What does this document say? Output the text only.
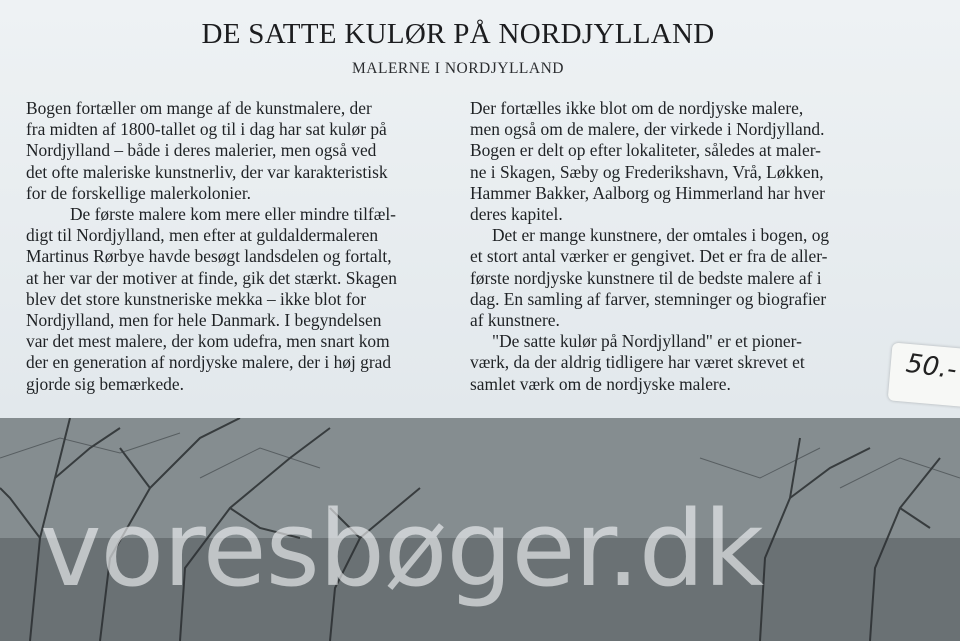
DE SATTE KULØR PÅ NORDJYLLAND
MALERNE I NORDJYLLAND
Bogen fortæller om mange af de kunstmalere, der
fra midten af 1800-tallet og til i dag har sat kulør på
Nordjylland – både i deres malerier, men også ved
det ofte maleriske kunstnerliv, der var karakteristisk
for de forskellige malerkolonier.
De første malere kom mere eller mindre tilfæl-
digt til Nordjylland, men efter at guldaldermaleren
Martinus Rørbye havde besøgt landsdelen og fortalt,
at her var der motiver at finde, gik det stærkt. Skagen
blev det store kunstneriske mekka – ikke blot for
Nordjylland, men for hele Danmark. I begyndelsen
var det mest malere, der kom udefra, men snart kom
der en generation af nordjyske malere, der i høj grad
gjorde sig bemærkede.
Der fortælles ikke blot om de nordjyske malere,
men også om de malere, der virkede i Nordjylland.
Bogen er delt op efter lokaliteter, således at maler-
ne i Skagen, Sæby og Frederikshavn, Vrå, Løkken,
Hammer Bakker, Aalborg og Himmerland har hver
deres kapitel.
Det er mange kunstnere, der omtales i bogen, og
et stort antal værker er gengivet. Det er fra de aller-
første nordjyske kunstnere til de bedste malere af i
dag. En samling af farver, stemninger og biografier
af kunstnere.
"De satte kulør på Nordjylland" er et pioner-
værk, da der aldrig tidligere har været skrevet et
samlet værk om de nordjyske malere.	50.-
voresbøger.dk
